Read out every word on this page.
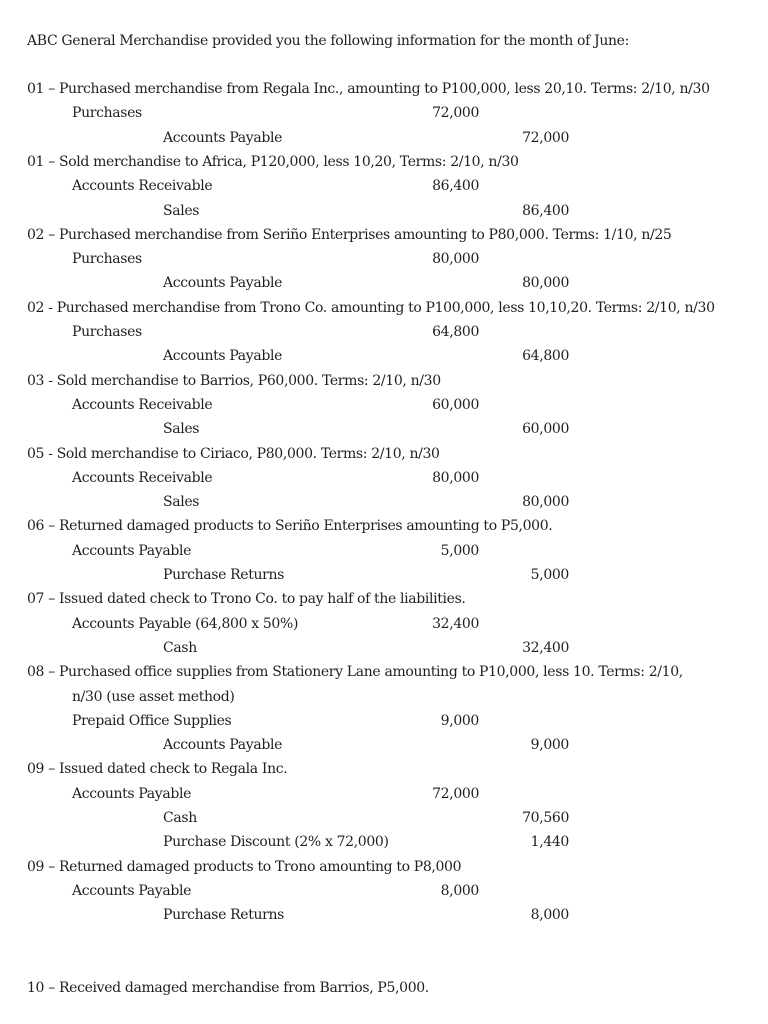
ABC General Merchandise provided you the following information for the month of June:
01 – Purchased merchandise from Regala Inc., amounting to P100,000, less 20,10. Terms: 2/10, n/30
Purchases	72,000
Accounts Payable	72,000
01 – Sold merchandise to Africa, P120,000, less 10,20, Terms: 2/10, n/30
Accounts Receivable	86,400
Sales	86,400
02 – Purchased merchandise from Seriño Enterprises amounting to P80,000. Terms: 1/10, n/25
Purchases	80,000
Accounts Payable	80,000
02 - Purchased merchandise from Trono Co. amounting to P100,000, less 10,10,20. Terms: 2/10, n/30
Purchases	64,800
Accounts Payable	64,800
03 - Sold merchandise to Barrios, P60,000. Terms: 2/10, n/30
Accounts Receivable	60,000
Sales	60,000
05 - Sold merchandise to Ciriaco, P80,000. Terms: 2/10, n/30
Accounts Receivable	80,000
Sales	80,000
06 – Returned damaged products to Seriño Enterprises amounting to P5,000.
Accounts Payable	5,000
Purchase Returns	5,000
07 – Issued dated check to Trono Co. to pay half of the liabilities.
Accounts Payable (64,800 x 50%)	32,400
Cash	32,400
08 – Purchased office supplies from Stationery Lane amounting to P10,000, less 10. Terms: 2/10,
n/30 (use asset method)
Prepaid Office Supplies	9,000
Accounts Payable	9,000
09 – Issued dated check to Regala Inc.
Accounts Payable	72,000
Cash	70,560
Purchase Discount (2% x 72,000)	1,440
09 – Returned damaged products to Trono amounting to P8,000
Accounts Payable	8,000
Purchase Returns	8,000
10 – Received damaged merchandise from Barrios, P5,000.
